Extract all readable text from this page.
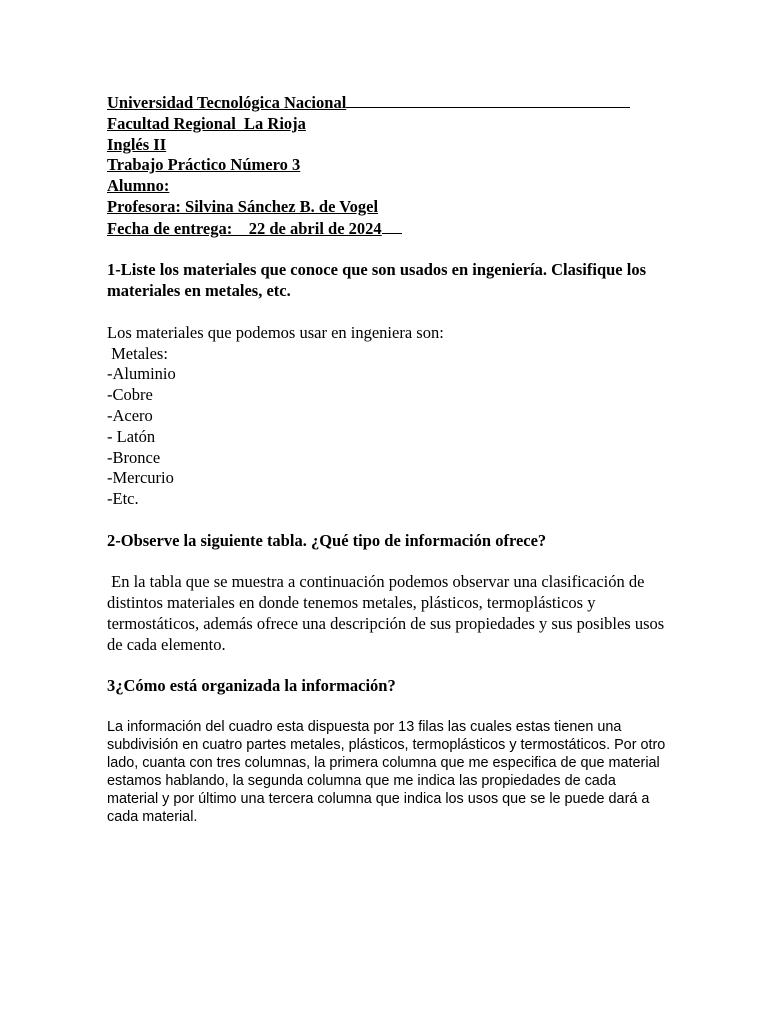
Universidad Tecnológica Nacional
Facultad Regional  La Rioja
Inglés II
Trabajo Práctico Número 3
Alumno:
Profesora: Silvina Sánchez B. de Vogel
Fecha de entrega:    22 de abril de 2024
1-Liste los materiales que conoce que son usados en ingeniería. Clasifique los materiales en metales, etc.
Los materiales que podemos usar en ingeniera son:
Metales:
-Aluminio
-Cobre
-Acero
- Latón
-Bronce
-Mercurio
-Etc.
2-Observe la siguiente tabla. ¿Qué tipo de información ofrece?
En la tabla que se muestra a continuación podemos observar una clasificación de distintos materiales en donde tenemos metales, plásticos, termoplásticos y termostáticos, además ofrece una descripción de sus propiedades y sus posibles usos de cada elemento.
3¿Cómo está organizada la información?
La información del cuadro esta dispuesta por 13 filas las cuales estas tienen una subdivisión en cuatro partes metales, plásticos, termoplásticos y termostáticos. Por otro lado, cuanta con tres columnas, la primera columna que me especifica de que material estamos hablando, la segunda columna que me indica las propiedades de cada material y por último una tercera columna que indica los usos que se le puede dará a cada material.
